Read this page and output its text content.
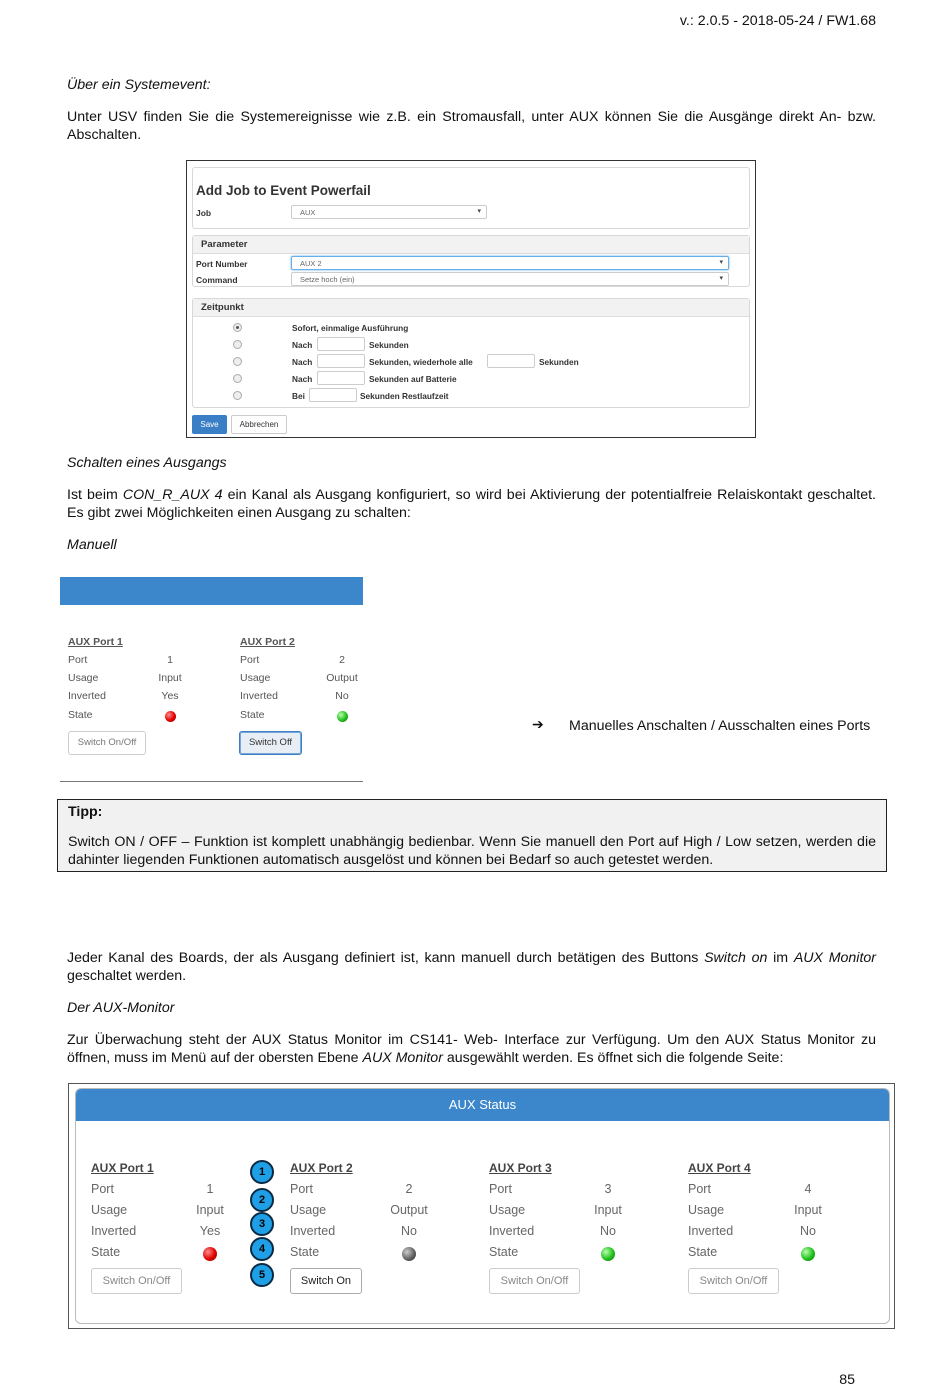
v.: 2.0.5 - 2018-05-24 / FW1.68
Über ein Systemevent:
Unter USV finden Sie die Systemereignisse wie z.B. ein Stromausfall, unter AUX können Sie die Ausgänge direkt An- bzw. Abschalten.
Add Job to Event Powerfail
Job	AUX ▾
Parameter
Port Number	AUX 2 ▾
Command	Setze hoch (ein) ▾
Zeitpunkt
Sofort, einmalige Ausführung
Nach	Sekunden
Nach	Sekunden, wiederhole alle	Sekunden
Nach	Sekunden auf Batterie
Bei	Sekunden Restlaufzeit
Save	Abbrechen
Schalten eines Ausgangs
Ist beim CON_R_AUX 4 ein Kanal als Ausgang konfiguriert, so wird bei Aktivierung der potentialfreie Relaiskontakt geschaltet. Es gibt zwei Möglichkeiten einen Ausgang zu schalten:
Manuell
AUX Port 1
Port	1
Usage	Input
Inverted	Yes
State
Switch On/Off
AUX Port 2
Port	2
Usage	Output
Inverted	No
State
Switch Off
➔ Manuelles Anschalten / Ausschalten eines Ports
Tipp:
Switch ON / OFF – Funktion ist komplett unabhängig bedienbar. Wenn Sie manuell den Port auf High / Low setzen, werden die dahinter liegenden Funktionen automatisch ausgelöst und können bei Bedarf so auch getestet werden.
Jeder Kanal des Boards, der als Ausgang definiert ist, kann manuell durch betätigen des Buttons Switch on im AUX Monitor geschaltet werden.
Der AUX-Monitor
Zur Überwachung steht der AUX Status Monitor im CS141- Web- Interface zur Verfügung. Um den AUX Status Monitor zu öffnen, muss im Menü auf der obersten Ebene AUX Monitor ausgewählt werden. Es öffnet sich die folgende Seite:
AUX Status
AUX Port 1
Port	1
Usage	Input
Inverted	Yes
State
Switch On/Off
AUX Port 2
Port	2
Usage	Output
Inverted	No
State
Switch On
AUX Port 3
Port	3
Usage	Input
Inverted	No
State
Switch On/Off
AUX Port 4
Port	4
Usage	Input
Inverted	No
State
Switch On/Off
1
2
3
4
5
85
